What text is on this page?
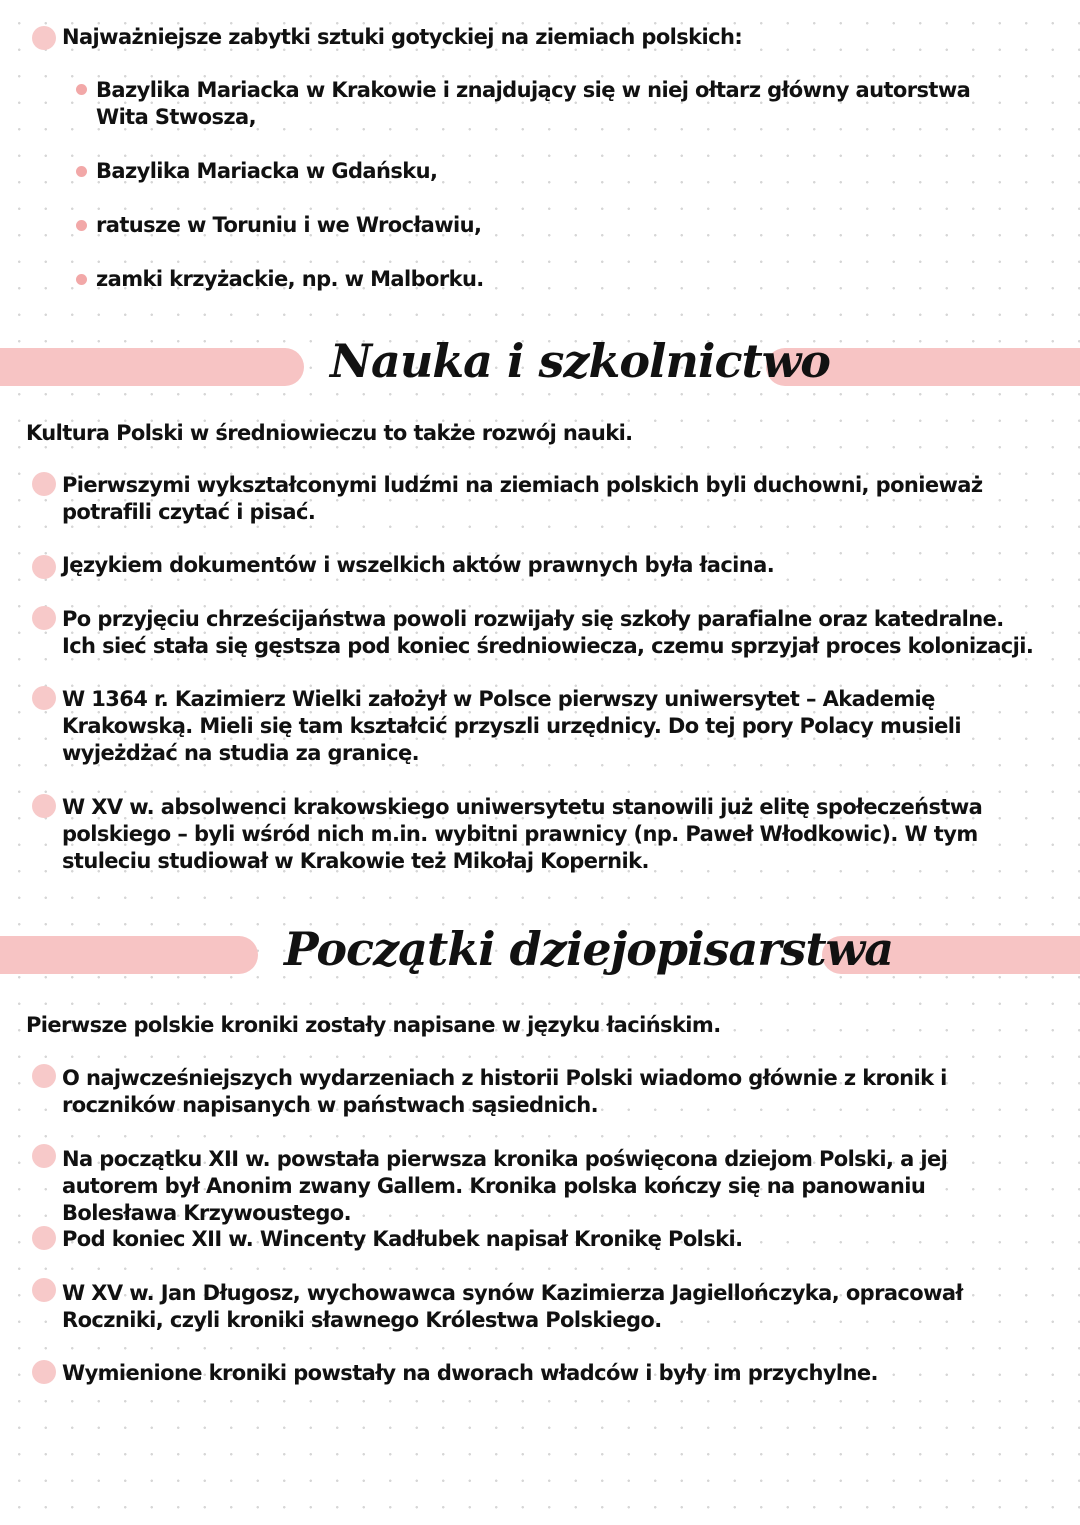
Najważniejsze zabytki sztuki gotyckiej na ziemiach polskich:
Bazylika Mariacka w Krakowie i znajdujący się w niej ołtarz główny autorstwa Wita Stwosza,
Bazylika Mariacka w Gdańsku,
ratusze w Toruniu i we Wrocławiu,
zamki krzyżackie, np. w Malborku.
Nauka i szkolnictwo
Kultura Polski w średniowieczu to także rozwój nauki.
Pierwszymi wykształconymi ludźmi na ziemiach polskich byli duchowni, ponieważ potrafili czytać i pisać.
Językiem dokumentów i wszelkich aktów prawnych była łacina.
Po przyjęciu chrześcijaństwa powoli rozwijały się szkoły parafialne oraz katedralne. Ich sieć stała się gęstsza pod koniec średniowiecza, czemu sprzyjał proces kolonizacji.
W 1364 r. Kazimierz Wielki założył w Polsce pierwszy uniwersytet – Akademię Krakowską. Mieli się tam kształcić przyszli urzędnicy. Do tej pory Polacy musieli wyjeżdżać na studia za granicę.
W XV w. absolwenci krakowskiego uniwersytetu stanowili już elitę społeczeństwa polskiego – byli wśród nich m.in. wybitni prawnicy (np. Paweł Włodkowic). W tym stuleciu studiował w Krakowie też Mikołaj Kopernik.
Początki dziejopisarstwa
Pierwsze polskie kroniki zostały napisane w języku łacińskim.
O najwcześniejszych wydarzeniach z historii Polski wiadomo głównie z kronik i roczników napisanych w państwach sąsiednich.
Na początku XII w. powstała pierwsza kronika poświęcona dziejom Polski, a jej autorem był Anonim zwany Gallem. Kronika polska kończy się na panowaniu Bolesława Krzywoustego.
Pod koniec XII w. Wincenty Kadłubek napisał Kronikę Polski.
W XV w. Jan Długosz, wychowawca synów Kazimierza Jagiellończyka, opracował Roczniki, czyli kroniki sławnego Królestwa Polskiego.
Wymienione kroniki powstały na dworach władców i były im przychylne.
